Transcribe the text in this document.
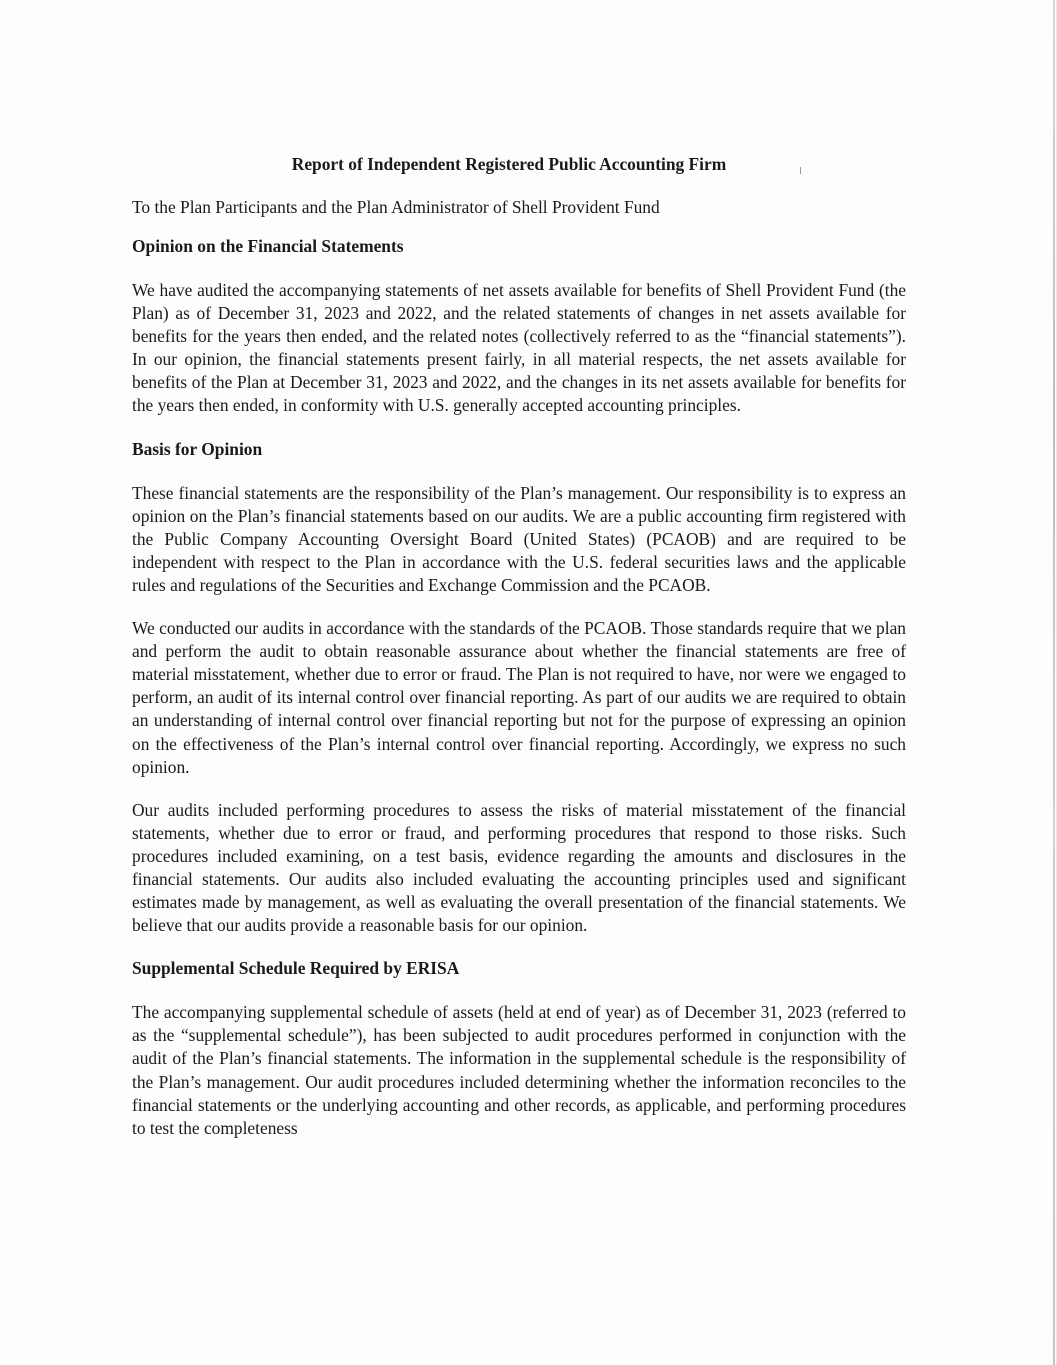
Report of Independent Registered Public Accounting Firm
To the Plan Participants and the Plan Administrator of Shell Provident Fund
Opinion on the Financial Statements

We have audited the accompanying statements of net assets available for benefits of Shell Provident Fund (the Plan) as of December 31, 2023 and 2022, and the related statements of changes in net assets available for benefits for the years then ended, and the related notes (collectively referred to as the “financial statements”). In our opinion, the financial statements present fairly, in all material respects, the net assets available for benefits of the Plan at December 31, 2023 and 2022, and the changes in its net assets available for benefits for the years then ended, in conformity with U.S. generally accepted accounting principles.

Basis for Opinion

These financial statements are the responsibility of the Plan’s management. Our responsibility is to express an opinion on the Plan’s financial statements based on our audits. We are a public accounting firm registered with the Public Company Accounting Oversight Board (United States) (PCAOB) and are required to be independent with respect to the Plan in accordance with the U.S. federal securities laws and the applicable rules and regulations of the Securities and Exchange Commission and the PCAOB.

We conducted our audits in accordance with the standards of the PCAOB. Those standards require that we plan and perform the audit to obtain reasonable assurance about whether the financial statements are free of material misstatement, whether due to error or fraud. The Plan is not required to have, nor were we engaged to perform, an audit of its internal control over financial reporting. As part of our audits we are required to obtain an understanding of internal control over financial reporting but not for the purpose of expressing an opinion on the effectiveness of the Plan’s internal control over financial reporting. Accordingly, we express no such opinion.

Our audits included performing procedures to assess the risks of material misstatement of the financial statements, whether due to error or fraud, and performing procedures that respond to those risks. Such procedures included examining, on a test basis, evidence regarding the amounts and disclosures in the financial statements. Our audits also included evaluating the accounting principles used and significant estimates made by management, as well as evaluating the overall presentation of the financial statements. We believe that our audits provide a reasonable basis for our opinion.

Supplemental Schedule Required by ERISA

The accompanying supplemental schedule of assets (held at end of year) as of December 31, 2023 (referred to as the “supplemental schedule”), has been subjected to audit procedures performed in conjunction with the audit of the Plan’s financial statements. The information in the supplemental schedule is the responsibility of the Plan’s management. Our audit procedures included determining whether the information reconciles to the financial statements or the underlying accounting and other records, as applicable, and performing procedures to test the completeness
